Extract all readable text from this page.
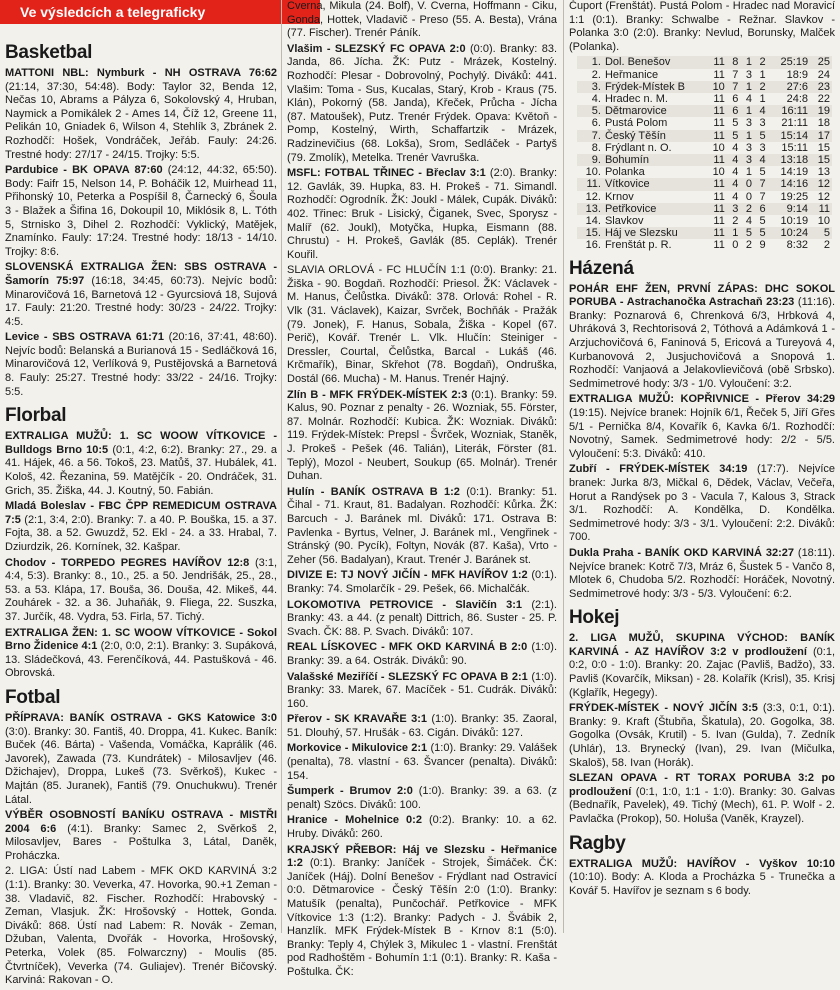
Ve výsledcích a telegraficky
Basketbal

MATTONI NBL: Nymburk - NH OSTRAVA 76:62 (21:14, 37:30, 54:48). Body: Taylor 32, Benda 12, Nečas 10, Abrams a Pályza 6, Sokolovský 4, Hruban, Naymick a Pomikálek 2 - Ames 14, Číž 12, Greene 11, Pelikán 10, Gniadek 6, Wilson 4, Stehlík 3, Zbránek 2. Rozhodčí: Hošek, Vondráček, Jeřáb. Fauly: 24:26. Trestné hody: 27/17 - 24/15. Trojky: 5:5.

Pardubice - BK OPAVA 87:60 (24:12, 44:32, 65:50). Body: Faifr 15, Nelson 14, P. Boháčik 12, Muirhead 11, Přihonský 10, Peterka a Pospíšil 8, Čarnecký 6, Šoula 3 - Blažek a Šifina 16, Dokoupil 10, Miklósik 8, L. Tóth 5, Strnisko 3, Dihel 2. Rozhodčí: Vyklický, Matějek, Znamínko. Fauly: 17:24. Trestné hody: 18/13 - 14/10. Trojky: 8:6.

SLOVENSKÁ EXTRALIGA ŽEN: SBS OSTRAVA - Šamorín 75:97 (16:18, 34:45, 60:73). Nejvíc bodů: Minarovičová 16, Barnetová 12 - Gyurcsiová 18, Sujová 17. Fauly: 21:20. Trestné hody: 30/23 - 24/22. Trojky: 4:5.

Levice - SBS OSTRAVA 61:71 (20:16, 37:41, 48:60). Nejvíc bodů: Belanská a Burianová 15 - Sedláčková 16, Minarovičová 12, Verlíková 9, Pustějovská a Barnetová 8. Fauly: 25:27. Trestné hody: 33/22 - 24/16. Trojky: 5:5.

Florbal

EXTRALIGA MUŽŮ: 1. SC WOOW VÍTKOVICE - Bulldogs Brno 10:5 (0:1, 4:2, 6:2). Branky: 27., 29. a 41. Hájek, 46. a 56. Tokoš, 23. Matůš, 37. Hubálek, 41. Kološ, 42. Řezanina, 59. Matějčík - 20. Ondráček, 31. Grich, 35. Žiška, 44. J. Koutný, 50. Fabián.

Mladá Boleslav - FBC ČPP REMEDICUM OSTRAVA 7:5 (2:1, 3:4, 2:0). Branky: 7. a 40. P. Bouška, 15. a 37. Fojta, 38. a 52. Gwuzdž, 52. Ekl - 24. a 33. Hrabal, 7. Dziurdzik, 26. Kornínek, 32. Kašpar.

Chodov - TORPEDO PEGRES HAVÍŘOV 12:8 (3:1, 4:4, 5:3). Branky: 8., 10., 25. a 50. Jendrišák, 25., 28., 53. a 53. Klápa, 17. Bouša, 36. Douša, 42. Mikeš, 44. Zouhárek - 32. a 36. Juhaňák, 9. Fliega, 22. Suszka, 37. Jurčík, 48. Vydra, 53. Firla, 57. Tichý.

EXTRALIGA ŽEN: 1. SC WOOW VÍTKOVICE - Sokol Brno Židenice 4:1 (2:0, 0:0, 2:1). Branky: 3. Supáková, 13. Sládečková, 43. Ferenčíková, 44. Pastušková - 46. Obrovská.

Fotbal

PŘÍPRAVA: BANÍK OSTRAVA - GKS Katowice 3:0 (3:0). Branky: 30. Fantiš, 40. Droppa, 41. Kukec. Baník: Buček (46. Bárta) - Vašenda, Vomáčka, Kaprálik (46. Javorek), Zawada (73. Kundrátek) - Milosavljev (46. Džichajev), Droppa, Lukeš (73. Svěrkoš), Kukec - Majtán (85. Juranek), Fantiš (79. Onuchukwu). Trenér Látal.

VÝBĚR OSOBNOSTÍ BANÍKU OSTRAVA - MISTŘI 2004 6:6 (4:1). Branky: Samec 2, Svěrkoš 2, Milosavljev, Bares - Poštulka 3, Látal, Daněk, Proháczka.

2. LIGA: Ústí nad Labem - MFK OKD KARVINÁ 3:2 (1:1). Branky: 30. Veverka, 47. Hovorka, 90.+1 Zeman - 38. Vladavič, 82. Fischer. Rozhodčí: Hrabovský - Zeman, Vlasjuk. ŽK: Hrošovský - Hottek, Gonda. Diváků: 868. Ústí nad Labem: R. Novák - Zeman, Džuban, Valenta, Dvořák - Hovorka, Hrošovský, Peterka, Volek (85. Folwarczny) - Moulis (85. Čtvrtníček), Veverka (74. Guliajev). Trenér Bičovský. Karviná: Rakovan - O.

Cverna, Mikula (24. Bolf), V. Cverna, Hoffmann - Ciku, Gonda, Hottek, Vladavič - Preso (55. A. Besta), Vrána (77. Fischer). Trenér Páník.

Vlašim - SLEZSKÝ FC OPAVA 2:0 (0:0). Branky: 83. Janda, 86. Jícha. ŽK: Putz - Mrázek, Kostelný. Rozhodčí: Plesar - Dobrovolný, Pochylý. Diváků: 441. Vlašim: Toma - Sus, Kucalas, Starý, Krob - Kraus (75. Klán), Pokorný (58. Janda), Křeček, Průcha - Jícha (87. Matoušek), Putz. Trenér Frýdek. Opava: Květoň - Pomp, Kostelný, Wirth, Schaffartzik - Mrázek, Radzinevičius (68. Lokša), Srom, Sedláček - Partyš (79. Zmolík), Metelka. Trenér Vavruška.

MSFL: FOTBAL TŘINEC - Břeclav 3:1 (2:0). Branky: 12. Gavlák, 39. Hupka, 83. H. Prokeš - 71. Simandl. Rozhodčí: Ogrodník. ŽK: Joukl - Málek, Cupák. Diváků: 402. Třinec: Bruk - Lisický, Čiganek, Svec, Sporysz - Malíř (62. Joukl), Motyčka, Hupka, Eismann (88. Chrustu) - H. Prokeš, Gavlák (85. Ceplák). Trenér Kouřil.

SLAVIA ORLOVÁ - FC HLUČÍN 1:1 (0:0). Branky: 21. Žiška - 90. Bogdaň. Rozhodčí: Priesol. ŽK: Václavek - M. Hanus, Čelůstka. Diváků: 378. Orlová: Rohel - R. Vlk (31. Václavek), Kaizar, Svrček, Bochňák - Pražák (79. Jonek), F. Hanus, Sobala, Žiška - Kopel (67. Perič), Kovář. Trenér L. Vlk. Hlučín: Steiniger - Dressler, Courtal, Čelůstka, Barcal - Lukáš (46. Krčmařík), Binar, Skřehot (78. Bogdaň), Ondruška, Dostál (66. Mucha) - M. Hanus. Trenér Hajný.

Zlín B - MFK FRÝDEK-MÍSTEK 2:3 (0:1). Branky: 59. Kalus, 90. Poznar z penalty - 26. Wozniak, 55. Förster, 87. Molnár. Rozhodčí: Kubica. ŽK: Wozniak. Diváků: 119. Frýdek-Místek: Prepsl - Švrček, Wozniak, Staněk, J. Prokeš - Pešek (46. Talián), Literák, Förster (81. Teplý), Mozol - Neubert, Soukup (65. Molnár). Trenér Duhan.

Hulín - BANÍK OSTRAVA B 1:2 (0:1). Branky: 51. Čihal - 71. Kraut, 81. Badalyan. Rozhodčí: Kůrka. ŽK: Barcuch - J. Baránek ml. Diváků: 171. Ostrava B: Pavlenka - Byrtus, Velner, J. Baránek ml., Vengřinek - Stránský (90. Pycík), Foltyn, Novák (87. Kaša), Vrto - Zeher (56. Badalyan), Kraut. Trenér J. Baránek st.

DIVIZE E: TJ NOVÝ JIČÍN - MFK HAVÍŘOV 1:2 (0:1). Branky: 74. Smolarčík - 29. Pešek, 66. Michalčák.

LOKOMOTIVA PETROVICE - Slavičín 3:1 (2:1). Branky: 43. a 44. (z penalt) Dittrich, 86. Suster - 25. P. Svach. ČK: 88. P. Svach. Diváků: 107.

REAL LÍSKOVEC - MFK OKD KARVINÁ B 2:0 (1:0). Branky: 39. a 64. Ostrák. Diváků: 90.

Valašské Meziříčí - SLEZSKÝ FC OPAVA B 2:1 (1:0). Branky: 33. Marek, 67. Macíček - 51. Cudrák. Diváků: 160.

Přerov - SK KRAVAŘE 3:1 (1:0). Branky: 35. Zaoral, 51. Dlouhý, 57. Hrušák - 63. Cigán. Diváků: 127.

Morkovice - Mikulovice 2:1 (1:0). Branky: 29. Valášek (penalta), 78. vlastní - 63. Švancer (penalta). Diváků: 154.

Šumperk - Brumov 2:0 (1:0). Branky: 39. a 63. (z penalt) Szöcs. Diváků: 100.

Hranice - Mohelnice 0:2 (0:2). Branky: 10. a 62. Hruby. Diváků: 260.

KRAJSKÝ PŘEBOR: Háj ve Slezsku - Heřmanice 1:2 (0:1). Branky: Janíček - Strojek, Šimáček. ČK: Janíček (Háj). Dolní Benešov - Frýdlant nad Ostravicí 0:0. Dětmarovice - Český Těšín 2:0 (1:0). Branky: Matušík (penalta), Punčochář. Petřkovice - MFK Vítkovice 1:3 (1:2). Branky: Padych - J. Švábik 2, Hanzlík. MFK Frýdek-Místek B - Krnov 8:1 (5:0). Branky: Teply 4, Chýlek 3, Mikulec 1 - vlastní. Frenštát pod Radhoštěm - Bohumín 1:1 (0:1). Branky: R. Kaša - Poštulka. ČK:

Čuport (Frenštát). Pustá Polom - Hradec nad Moravicí 1:1 (0:1). Branky: Schwalbe - Režnar. Slavkov - Polanka 3:0 (2:0). Branky: Nevlud, Borunsky, Malček (Polanka).

1.	Dol. Benešov	11	8	1	2	25:19	25
2.	Heřmanice	11	7	3	1	18:9	24
3.	Frýdek-Místek B	10	7	1	2	27:6	23
4.	Hradec n. M.	11	6	4	1	24:8	22
5.	Dětmarovice	11	6	1	4	16:11	19
6.	Pustá Polom	11	5	3	3	21:11	18
7.	Český Těšín	11	5	1	5	15:14	17
8.	Frýdlant n. O.	10	4	3	3	15:11	15
9.	Bohumín	11	4	3	4	13:18	15
10.	Polanka	10	4	1	5	14:19	13
11.	Vítkovice	11	4	0	7	14:16	12
12.	Krnov	11	4	0	7	19:25	12
13.	Petřkovice	11	3	2	6	9:14	11
14.	Slavkov	11	2	4	5	10:19	10
15.	Háj ve Slezsku	11	1	5	5	10:24	5
16.	Frenštát p. R.	11	0	2	9	8:32	2
Házená

POHÁR EHF ŽEN, PRVNÍ ZÁPAS: DHC SOKOL PORUBA - Astrachanočka Astrachaň 23:23 (11:16). Branky: Poznarová 6, Chrenková 6/3, Hrbková 4, Uhráková 3, Rechtorisová 2, Tóthová a Adámková 1 - Arzjuchovičová 6, Faninová 5, Ericová a Tureyová 4, Kurbanovová 2, Jusjuchovičová a Snopová 1. Rozhodčí: Vanjaová a Jelakovlievičová (obě Srbsko). Sedmimetrové hody: 3/3 - 1/0. Vyloučení: 3:2.

EXTRALIGA MUŽŮ: KOPŘIVNICE - Přerov 34:29 (19:15). Nejvíce branek: Hojník 6/1, Řeček 5, Jiří Gřes 5/1 - Pernička 8/4, Kovařík 6, Kavka 6/1. Rozhodčí: Novotný, Samek. Sedmimetrové hody: 2/2 - 5/5. Vyloučení: 5:3. Diváků: 410.

Zubří - FRÝDEK-MÍSTEK 34:19 (17:7). Nejvíce branek: Jurka 8/3, Mičkal 6, Dědek, Václav, Večeřa, Horut a Randýsek po 3 - Vacula 7, Kalous 3, Strack 3/1. Rozhodčí: A. Kondělka, D. Kondělka. Sedmimetrové hody: 3/3 - 3/1. Vyloučení: 2:2. Diváků: 700.

Dukla Praha - BANÍK OKD KARVINÁ 32:27 (18:11). Nejvíce branek: Kotrč 7/3, Mráz 6, Šustek 5 - Vančo 8, Mlotek 6, Chudoba 5/2. Rozhodčí: Horáček, Novotný. Sedmimetrové hody: 3/3 - 5/3. Vyloučení: 6:2.

Hokej

2. LIGA MUŽŮ, SKUPINA VÝCHOD: BANÍK KARVINÁ - AZ HAVÍŘOV 3:2 v prodloužení (0:1, 0:2, 0:0 - 1:0). Branky: 20. Zajac (Pavliš, Badžo), 33. Pavliš (Kovarčík, Miksan) - 28. Kolařík (Krisl), 35. Krisj (Kglařík, Hegegy).

FRÝDEK-MÍSTEK - NOVÝ JIČÍN 3:5 (3:3, 0:1, 0:1). Branky: 9. Kraft (Štubňa, Škatula), 20. Gogolka, 38. Gogolka (Ovsák, Krutil) - 5. Ivan (Gulda), 7. Zedník (Uhlár), 13. Brynecký (Ivan), 29. Ivan (Mičulka, Skaloš), 58. Ivan (Horák).

SLEZAN OPAVA - RT TORAX PORUBA 3:2 po prodloužení (0:1, 1:0, 1:1 - 1:0). Branky: 30. Galvas (Bednařík, Pavelek), 49. Tichý (Mech), 61. P. Wolf - 2. Pavlačka (Prokop), 50. Holuša (Vaněk, Krayzel).

Ragby

EXTRALIGA MUŽŮ: HAVÍŘOV - Vyškov 10:10 (10:10). Body: A. Kloda a Procházka 5 - Trunečka a Kovář 5. Havířov je seznam s 6 body.
